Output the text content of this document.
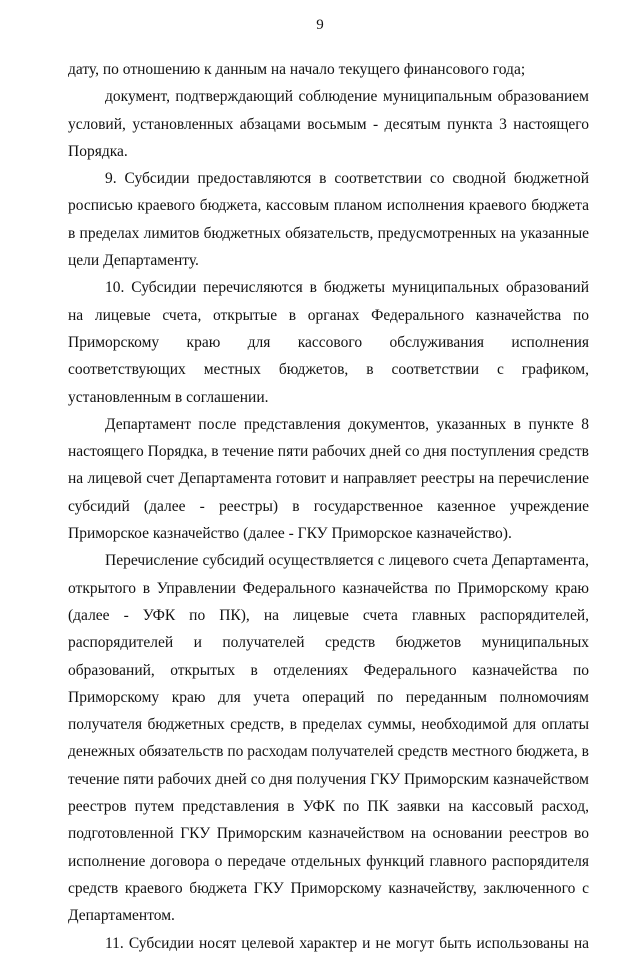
9

дату, по отношению к данным на начало текущего финансового года;

документ, подтверждающий соблюдение муниципальным образованием условий, установленных абзацами восьмым - десятым пункта 3 настоящего Порядка.

9. Субсидии предоставляются в соответствии со сводной бюджетной росписью краевого бюджета, кассовым планом исполнения краевого бюджета в пределах лимитов бюджетных обязательств, предусмотренных на указанные цели Департаменту.

10. Субсидии перечисляются в бюджеты муниципальных образований на лицевые счета, открытые в органах Федерального казначейства по Приморскому краю для кассового обслуживания исполнения соответствующих местных бюджетов, в соответствии с графиком, установленным в соглашении.

Департамент после представления документов, указанных в пункте 8 настоящего Порядка, в течение пяти рабочих дней со дня поступления средств на лицевой счет Департамента готовит и направляет реестры на перечисление субсидий (далее - реестры) в государственное казенное учреждение Приморское казначейство (далее - ГКУ Приморское казначейство).

Перечисление субсидий осуществляется с лицевого счета Департамента, открытого в Управлении Федерального казначейства по Приморскому краю (далее - УФК по ПК), на лицевые счета главных распорядителей, распорядителей и получателей средств бюджетов муниципальных образований, открытых в отделениях Федерального казначейства по Приморскому краю для учета операций по переданным полномочиям получателя бюджетных средств, в пределах суммы, необходимой для оплаты денежных обязательств по расходам получателей средств местного бюджета, в течение пяти рабочих дней со дня получения ГКУ Приморским казначейством реестров путем представления в УФК по ПК заявки на кассовый расход, подготовленной ГКУ Приморским казначейством на основании реестров во исполнение договора о передаче отдельных функций главного распорядителя средств краевого бюджета ГКУ Приморскому казначейству, заключенного с Департаментом.

11. Субсидии носят целевой характер и не могут быть использованы на
